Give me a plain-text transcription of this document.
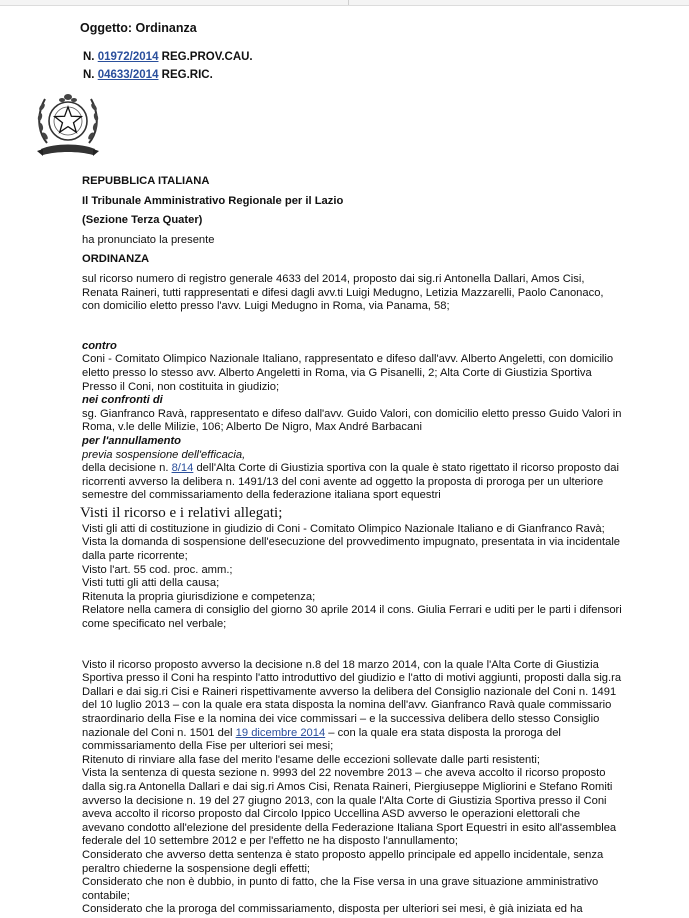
Oggetto: Ordinanza
N. 01972/2014 REG.PROV.CAU.
N. 04633/2014 REG.RIC.

REPUBBLICA ITALIANA

Il Tribunale Amministrativo Regionale per il Lazio

(Sezione Terza Quater)

ha pronunciato la presente

ORDINANZA

sul ricorso numero di registro generale 4633 del 2014, proposto dai sig.ri Antonella Dallari, Amos Cisi, Renata Raineri, tutti rappresentati e difesi dagli avv.ti Luigi Medugno, Letizia Mazzarelli, Paolo Canonaco, con domicilio eletto presso l'avv. Luigi Medugno in Roma, via Panama, 58;

contro

Coni - Comitato Olimpico Nazionale Italiano, rappresentato e difeso dall'avv. Alberto Angeletti, con domicilio eletto presso lo stesso avv. Alberto Angeletti in Roma, via G Pisanelli, 2; Alta Corte di Giustizia Sportiva Presso il Coni, non costituita in giudizio;

nei confronti di

sg. Gianfranco Ravà, rappresentato e difeso dall'avv. Guido Valori, con domicilio eletto presso Guido Valori in Roma, v.le delle Milizie, 106; Alberto De Nigro, Max André Barbacani

per l'annullamento

previa sospensione dell'efficacia,

della decisione n. 8/14 dell'Alta Corte di Giustizia sportiva con la quale è stato rigettato il ricorso proposto dai ricorrenti avverso la delibera n. 1491/13 del coni avente ad oggetto la proposta di proroga per un ulteriore semestre del commissariamento della federazione italiana sport equestri

Visti il ricorso e i relativi allegati;

Visti gli atti di costituzione in giudizio di Coni - Comitato Olimpico Nazionale Italiano e di Gianfranco Ravà;

Vista la domanda di sospensione dell'esecuzione del provvedimento impugnato, presentata in via incidentale dalla parte ricorrente;

Visto l'art. 55 cod. proc. amm.;

Visti tutti gli atti della causa;

Ritenuta la propria giurisdizione e competenza;

Relatore nella camera di consiglio del giorno 30 aprile 2014 il cons. Giulia Ferrari e uditi per le parti i difensori come specificato nel verbale;

Visto il ricorso proposto avverso la decisione n.8 del 18 marzo 2014, con la quale l'Alta Corte di Giustizia Sportiva presso il Coni ha respinto l'atto introduttivo del giudizio e l'atto di motivi aggiunti, proposti dalla sig.ra Dallari e dai sig.ri Cisi e Raineri rispettivamente avverso la delibera del Consiglio nazionale del Coni n. 1491 del 10 luglio 2013 – con la quale era stata disposta la nomina dell'avv. Gianfranco Ravà quale commissario straordinario della Fise e la nomina dei vice commissari – e la successiva delibera dello stesso Consiglio nazionale del Coni n. 1501 del 19 dicembre 2014 – con la quale era stata disposta la proroga del commissariamento della Fise per ulteriori sei mesi;

Ritenuto di rinviare alla fase del merito l'esame delle eccezioni sollevate dalle parti resistenti;

Vista la sentenza di questa sezione n. 9993 del 22 novembre 2013 – che aveva accolto il ricorso proposto dalla sig.ra Antonella Dallari e dai sig.ri Amos Cisi, Renata Raineri, Piergiuseppe Migliorini e Stefano Romiti avverso la decisione n. 19 del 27 giugno 2013, con la quale l'Alta Corte di Giustizia Sportiva presso il Coni aveva accolto il ricorso proposto dal Circolo Ippico Uccellina ASD avverso le operazioni elettorali che avevano condotto all'elezione del presidente della Federazione Italiana Sport Equestri in esito all'assemblea federale del 10 settembre 2012 e per l'effetto ne ha disposto l'annullamento;

Considerato che avverso detta sentenza è stato proposto appello principale ed appello incidentale, senza peraltro chiederne la sospensione degli effetti;

Considerato che non è dubbio, in punto di fatto, che la Fise versa in una grave situazione amministrativo contabile;

Considerato che la proroga del commissariamento, disposta per ulteriori sei mesi, è già iniziata ed ha
